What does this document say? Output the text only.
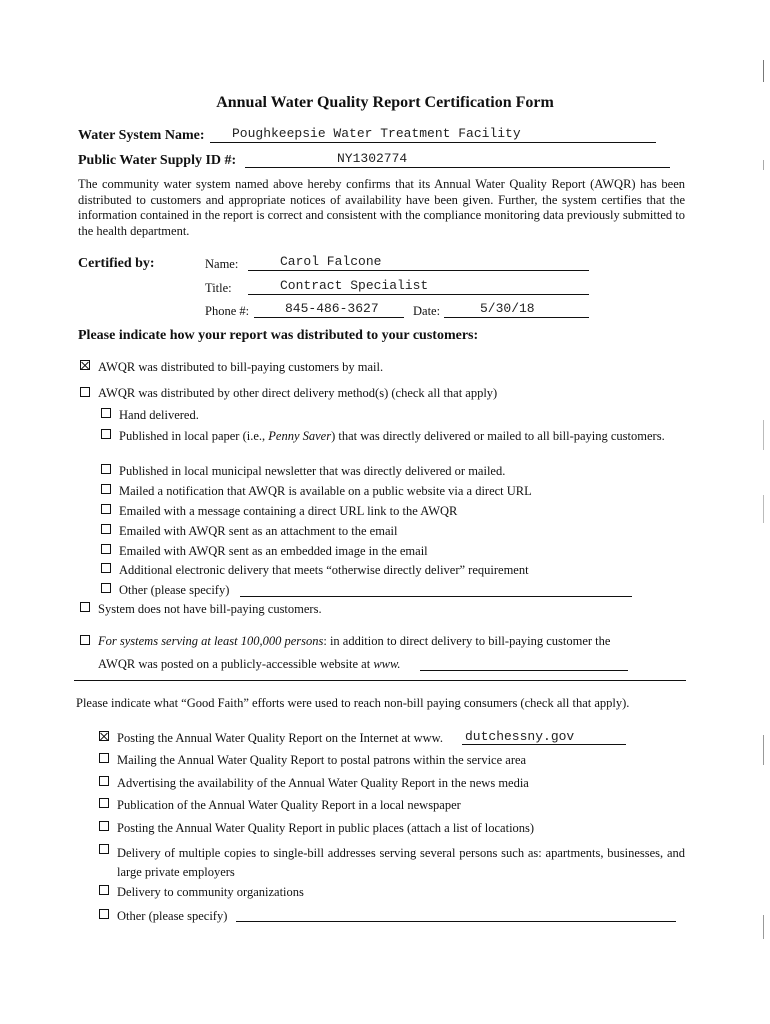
Annual Water Quality Report Certification Form
Water System Name: Poughkeepsie Water Treatment Facility
Public Water Supply ID #:	NY1302774
The community water system named above hereby confirms that its Annual Water Quality Report (AWQR) has been distributed to customers and appropriate notices of availability have been given. Further, the system certifies that the information contained in the report is correct and consistent with the compliance monitoring data previously submitted to the health department.
Certified by:	Name:	Carol Falcone
Title:	Contract Specialist
Phone #:	845-486-3627	Date:	5/30/18
Please indicate how your report was distributed to your customers:
AWQR was distributed to bill-paying customers by mail.
AWQR was distributed by other direct delivery method(s) (check all that apply)
Hand delivered.
Published in local paper (i.e., Penny Saver) that was directly delivered or mailed to all bill-paying customers.
Published in local municipal newsletter that was directly delivered or mailed.
Mailed a notification that AWQR is available on a public website via a direct URL
Emailed with a message containing a direct URL link to the AWQR
Emailed with AWQR sent as an attachment to the email
Emailed with AWQR sent as an embedded image in the email
Additional electronic delivery that meets “otherwise directly deliver” requirement
Other (please specify)
System does not have bill-paying customers.
For systems serving at least 100,000 persons: in addition to direct delivery to bill-paying customer the
AWQR was posted on a publicly-accessible website at www.
Please indicate what “Good Faith” efforts were used to reach non-bill paying consumers (check all that apply).
Posting the Annual Water Quality Report on the Internet at www. dutchessny.gov
Mailing the Annual Water Quality Report to postal patrons within the service area
Advertising the availability of the Annual Water Quality Report in the news media
Publication of the Annual Water Quality Report in a local newspaper
Posting the Annual Water Quality Report in public places (attach a list of locations)
Delivery of multiple copies to single-bill addresses serving several persons such as: apartments, businesses, and large private employers
Delivery to community organizations
Other (please specify)
